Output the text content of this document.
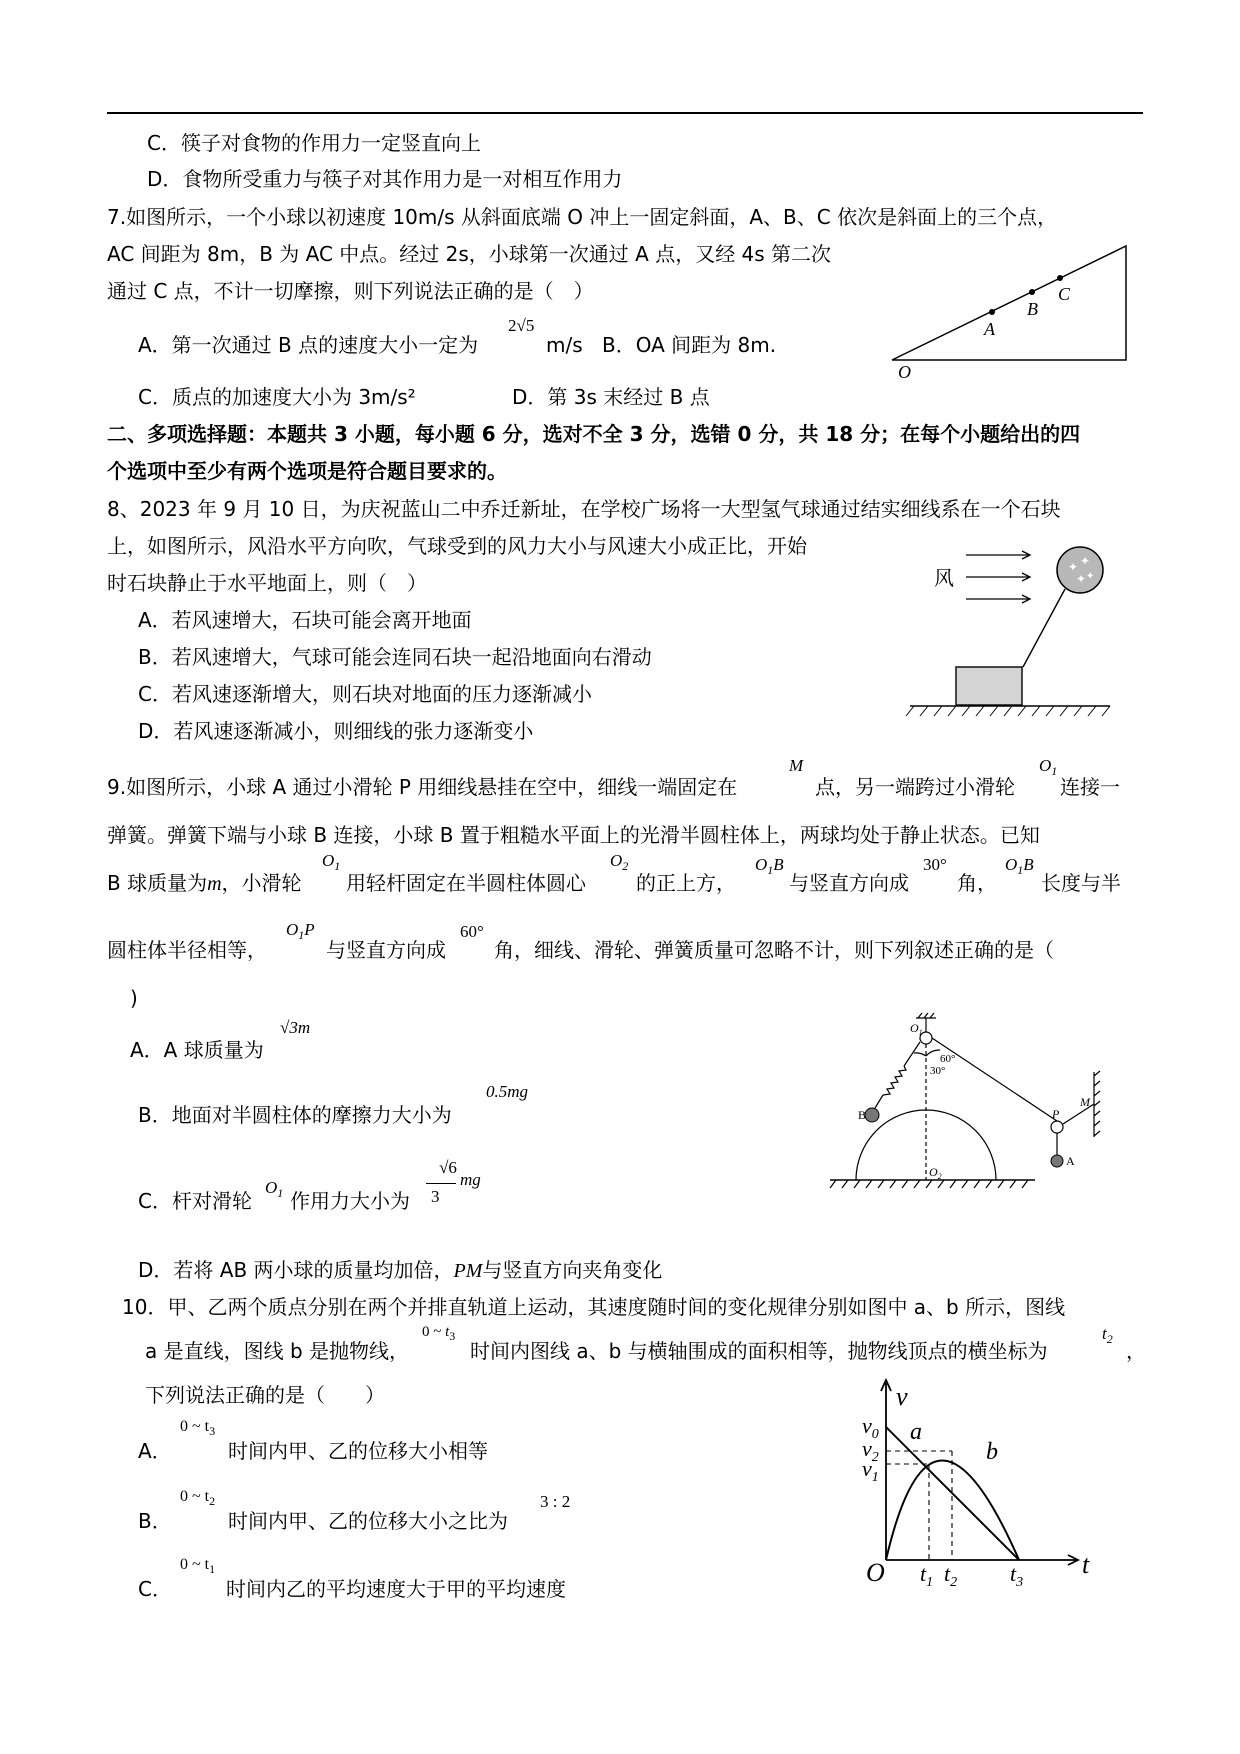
C．筷子对食物的作用力一定竖直向上
D．食物所受重力与筷子对其作用力是一对相互作用力
7.如图所示，一个小球以初速度 10m/s 从斜面底端 O 冲上一固定斜面，A、B、C 依次是斜面上的三个点，
AC 间距为 8m，B 为 AC 中点。经过 2s，小球第一次通过 A 点，又经 4s 第二次
通过 C 点，不计一切摩擦，则下列说法正确的是（　）
A．第一次通过 B 点的速度大小一定为
2√5
m/s B．OA 间距为 8m.
C．质点的加速度大小为 3m/s²	D．第 3s 末经过 B 点
O
A
B
C
二、多项选择题：本题共 3 小题，每小题 6 分，选对不全 3 分，选错 0 分，共 18 分；在每个小题给出的四
个选项中至少有两个选项是符合题目要求的。
8、2023 年 9 月 10 日，为庆祝蓝山二中乔迁新址，在学校广场将一大型氢气球通过结实细线系在一个石块
上，如图所示，风沿水平方向吹，气球受到的风力大小与风速大小成正比，开始
时石块静止于水平地面上，则（　）
A．若风速增大，石块可能会离开地面
B．若风速增大，气球可能会连同石块一起沿地面向右滑动
C．若风速逐渐增大，则石块对地面的压力逐渐减小
D．若风速逐渐减小，则细线的张力逐渐变小
风
✦ ✦
✦ ✦
9.如图所示，小球 A 通过小滑轮 P 用细线悬挂在空中，细线一端固定在
M
点，另一端跨过小滑轮
$O_1$
连接一
弹簧。弹簧下端与小球 B 连接，小球 B 置于粗糙水平面上的光滑半圆柱体上，两球均处于静止状态。已知
B 球质量为m，小滑轮
$O_1$
用轻杆固定在半圆柱体圆心
$O_2$
的正上方，
$O_1B$
与竖直方向成
30°
角，
$O_1B$
长度与半
圆柱体半径相等，
$O_1P$
与竖直方向成
60°
角，细线、滑轮、弹簧质量可忽略不计，则下列叙述正确的是（
)
A．A 球质量为
√3m
B．地面对半圆柱体的摩擦力大小为
0.5mg
C．杆对滑轮
$O_1$ 作用力大小为
√6
3
mg
D．若将 AB 两小球的质量均加倍，PM与竖直方向夹角变化
$O_1$
30°
60°
P
M
A
B
$O_2$
10．甲、乙两个质点分别在两个并排直轨道上运动，其速度随时间的变化规律分别如图中 a、b 所示，图线
a 是直线，图线 b 是抛物线，
0 ~ $t_3$
时间内图线 a、b 与横轴围成的面积相等，抛物线顶点的横坐标为
$t_2$ ，
下列说法正确的是（　　）
A．
0 ~ $t_3$
时间内甲、乙的位移大小相等
B．
0 ~ $t_2$
时间内甲、乙的位移大小之比为
3 : 2
C．
0 ~ $t_1$
时间内乙的平均速度大于甲的平均速度
v
t
O
$v_0$
$v_2$
$v_1$
$t_1$ $t_2$ $t_3$
a
b
